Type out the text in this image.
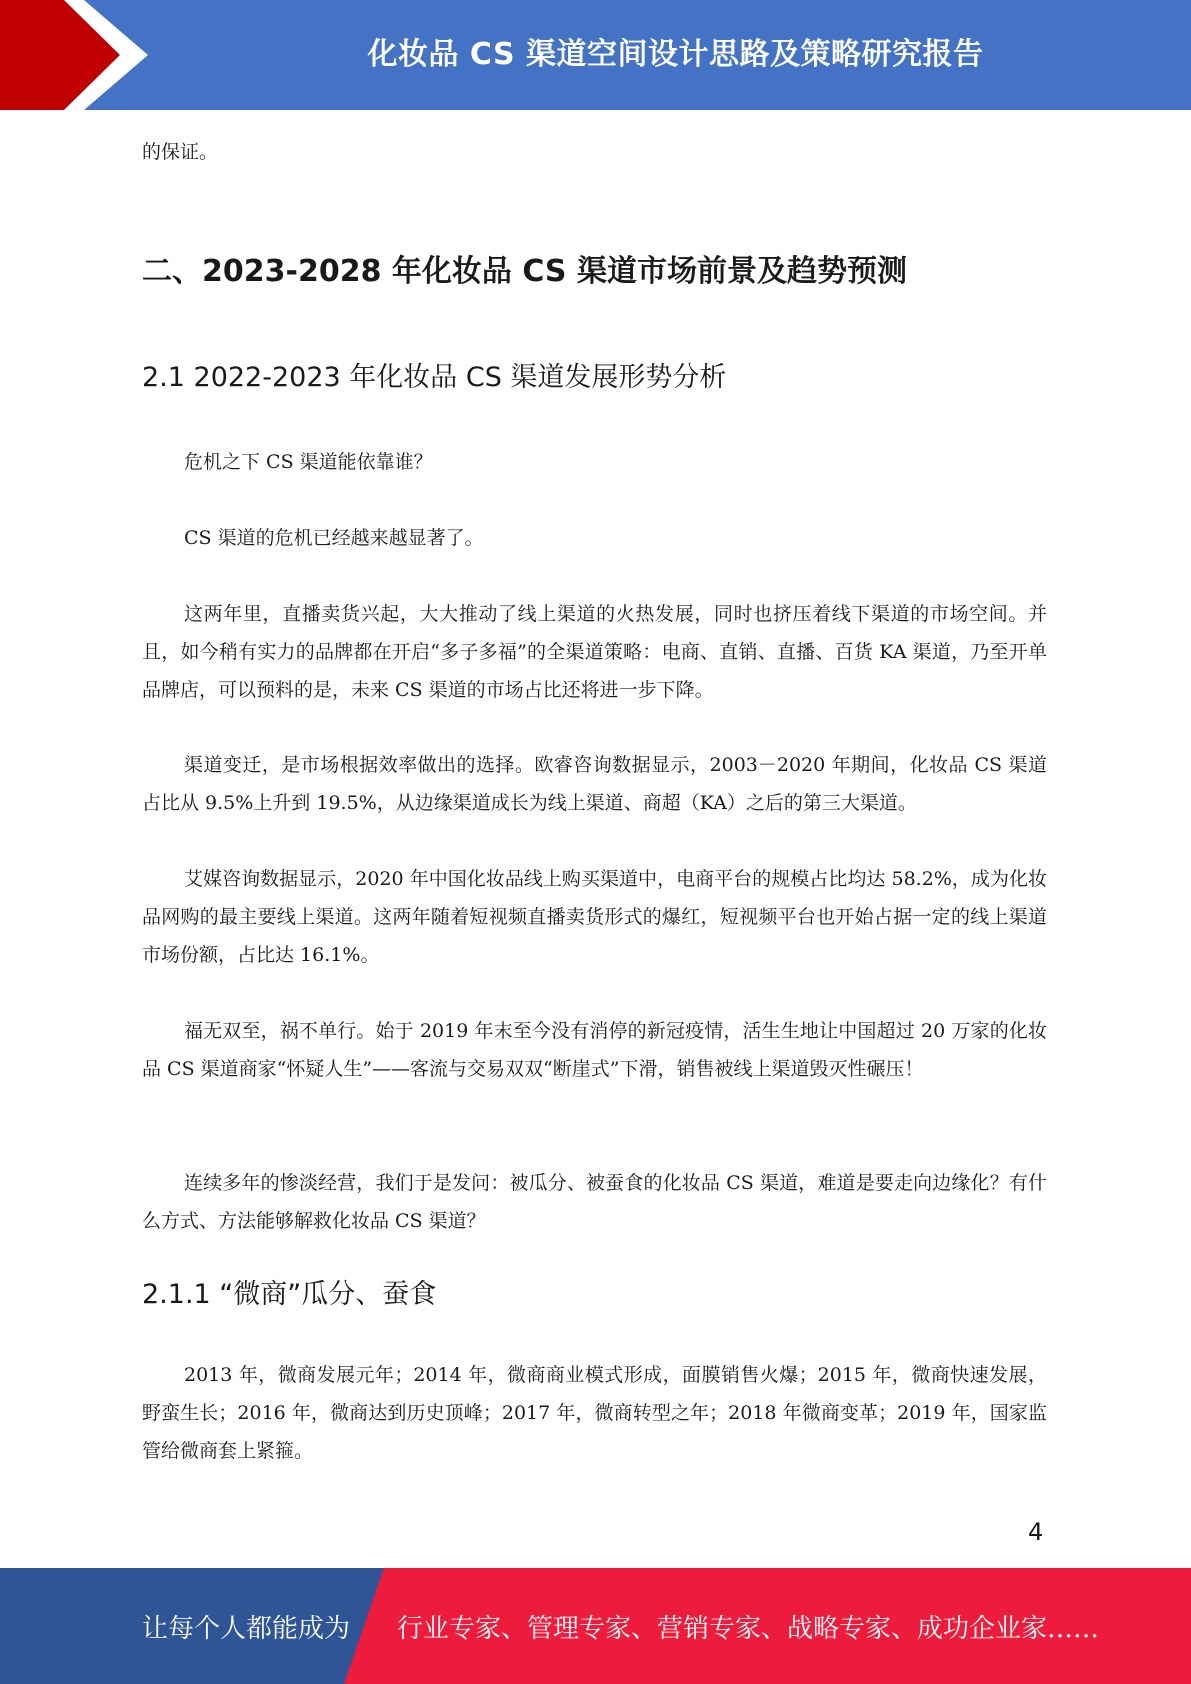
化妆品 CS 渠道空间设计思路及策略研究报告
的保证。
二、2023-2028 年化妆品 CS 渠道市场前景及趋势预测
2.1 2022-2023 年化妆品 CS 渠道发展形势分析
危机之下 CS 渠道能依靠谁？
CS 渠道的危机已经越来越显著了。
这两年里，直播卖货兴起，大大推动了线上渠道的火热发展，同时也挤压着线下渠道的市场空间。并且，如今稍有实力的品牌都在开启“多子多福”的全渠道策略：电商、直销、直播、百货 KA 渠道，乃至开单品牌店，可以预料的是，未来 CS 渠道的市场占比还将进一步下降。
渠道变迁，是市场根据效率做出的选择。欧睿咨询数据显示，2003－2020 年期间，化妆品 CS 渠道占比从 9.5%上升到 19.5%，从边缘渠道成长为线上渠道、商超（KA）之后的第三大渠道。
艾媒咨询数据显示，2020 年中国化妆品线上购买渠道中，电商平台的规模占比均达 58.2%，成为化妆品网购的最主要线上渠道。这两年随着短视频直播卖货形式的爆红，短视频平台也开始占据一定的线上渠道市场份额，占比达 16.1%。
福无双至，祸不单行。始于 2019 年末至今没有消停的新冠疫情，活生生地让中国超过 20 万家的化妆品 CS 渠道商家“怀疑人生”——客流与交易双双“断崖式”下滑，销售被线上渠道毁灭性碾压！
连续多年的惨淡经营，我们于是发问：被瓜分、被蚕食的化妆品 CS 渠道，难道是要走向边缘化？有什么方式、方法能够解救化妆品 CS 渠道？
2.1.1 “微商”瓜分、蚕食
2013 年，微商发展元年；2014 年，微商商业模式形成，面膜销售火爆；2015 年，微商快速发展，野蛮生长；2016 年，微商达到历史顶峰；2017 年，微商转型之年；2018 年微商变革；2019 年，国家监管给微商套上紧箍。
4
让每个人都能成为 行业专家、管理专家、营销专家、战略专家、成功企业家……
